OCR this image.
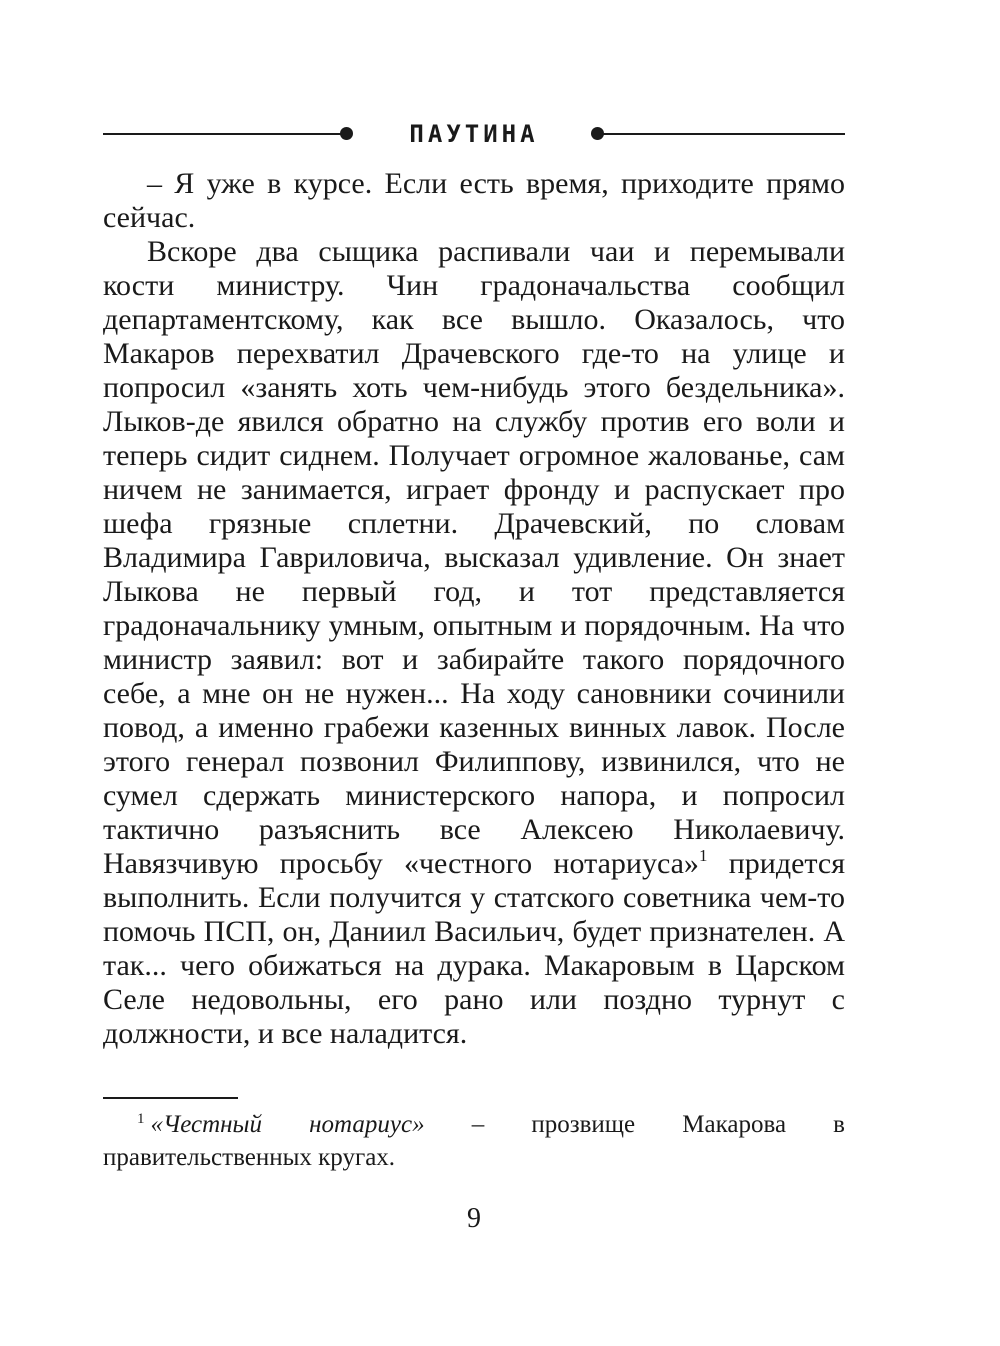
ПАУТИНА

– Я уже в курсе. Если есть время, приходите прямо сейчас.

Вскоре два сыщика распивали чаи и перемывали кости министру. Чин градоначальства сообщил департаментскому, как все вышло. Оказалось, что Макаров перехватил Драчевского где-то на улице и попросил «занять хоть чем-нибудь этого бездельника». Лыков-де явился обратно на службу против его воли и теперь сидит сиднем. Получает огромное жалованье, сам ничем не занимается, играет фронду и распускает про шефа грязные сплетни. Драчевский, по словам Владимира Гавриловича, высказал удивление. Он знает Лыкова не первый год, и тот представляется градоначальнику умным, опытным и порядочным. На что министр заявил: вот и забирайте такого порядочного себе, а мне он не нужен... На ходу сановники сочинили повод, а именно грабежи казенных винных лавок. После этого генерал позвонил Филиппову, извинился, что не сумел сдержать министерского напора, и попросил тактично разъяснить все Алексею Николаевичу. Навязчивую просьбу «честного нотариуса»$^1$ придется выполнить. Если получится у статского советника чем-то помочь ПСП, он, Даниил Васильич, будет признателен. А так... чего обижаться на дурака. Макаровым в Царском Селе недовольны, его рано или поздно турнут с должности, и все наладится.

$^1$ «Честный нотариус» – прозвище Макарова в правительственных кругах.
9
